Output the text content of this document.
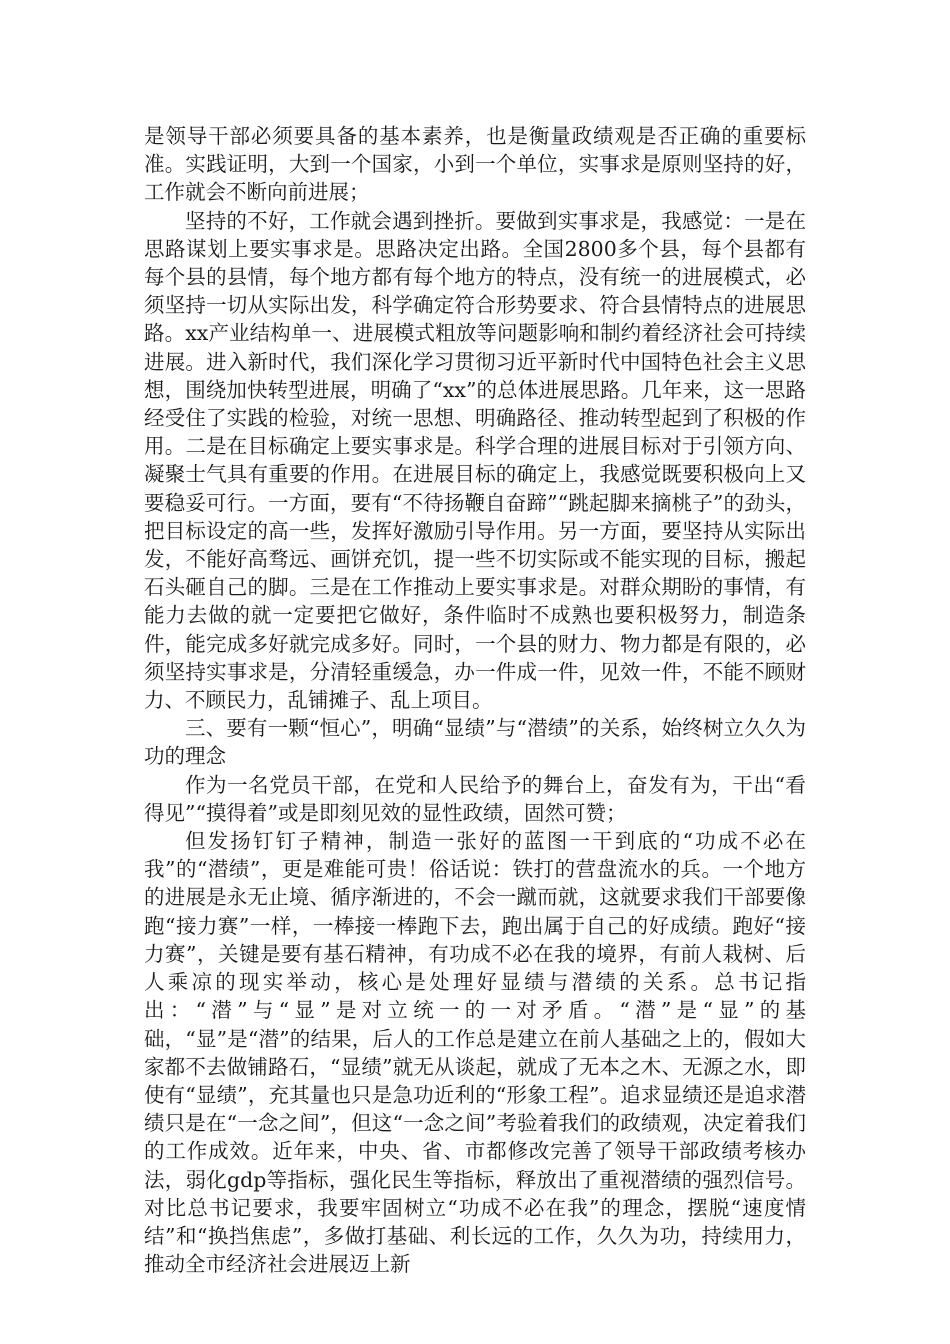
是领导干部必须要具备的基本素养，也是衡量政绩观是否正确的重要标准。实践证明，大到一个国家，小到一个单位，实事求是原则坚持的好，工作就会不断向前进展；

坚持的不好，工作就会遇到挫折。要做到实事求是，我感觉：一是在思路谋划上要实事求是。思路决定出路。全国2800多个县，每个县都有每个县的县情，每个地方都有每个地方的特点，没有统一的进展模式，必须坚持一切从实际出发，科学确定符合形势要求、符合县情特点的进展思路。xx产业结构单一、进展模式粗放等问题影响和制约着经济社会可持续进展。进入新时代，我们深化学习贯彻习近平新时代中国特色社会主义思想，围绕加快转型进展，明确了“xx”的总体进展思路。几年来，这一思路经受住了实践的检验，对统一思想、明确路径、推动转型起到了积极的作用。二是在目标确定上要实事求是。科学合理的进展目标对于引领方向、凝聚士气具有重要的作用。在进展目标的确定上，我感觉既要积极向上又要稳妥可行。一方面，要有“不待扬鞭自奋蹄”“跳起脚来摘桃子”的劲头，把目标设定的高一些，发挥好激励引导作用。另一方面，要坚持从实际出发，不能好高骛远、画饼充饥，提一些不切实际或不能实现的目标，搬起石头砸自己的脚。三是在工作推动上要实事求是。对群众期盼的事情，有能力去做的就一定要把它做好，条件临时不成熟也要积极努力，制造条件，能完成多好就完成多好。同时，一个县的财力、物力都是有限的，必须坚持实事求是，分清轻重缓急，办一件成一件，见效一件，不能不顾财力、不顾民力，乱铺摊子、乱上项目。

三、要有一颗“恒心”，明确“显绩”与“潜绩”的关系，始终树立久久为功的理念

作为一名党员干部，在党和人民给予的舞台上，奋发有为，干出“看得见”“摸得着”或是即刻见效的显性政绩，固然可赞；

但发扬钉钉子精神，制造一张好的蓝图一干到底的“功成不必在我”的“潜绩”，更是难能可贵！俗话说：铁打的营盘流水的兵。一个地方的进展是永无止境、循序渐进的，不会一蹴而就，这就要求我们干部要像跑“接力赛”一样，一棒接一棒跑下去，跑出属于自己的好成绩。跑好“接力赛”，关键是要有基石精神，有功成不必在我的境界，有前人栽树、后人乘凉的现实举动，核心是处理好显绩与潜绩的关系。总书记指出：“潜”与“显”是对立统一的一对矛盾。“潜”是“显”的基础，“显”是“潜”的结果，后人的工作总是建立在前人基础之上的，假如大家都不去做铺路石，“显绩”就无从谈起，就成了无本之木、无源之水，即使有“显绩”，充其量也只是急功近利的“形象工程”。追求显绩还是追求潜绩只是在“一念之间”，但这“一念之间”考验着我们的政绩观，决定着我们的工作成效。近年来，中央、省、市都修改完善了领导干部政绩考核办法，弱化gdp等指标，强化民生等指标，释放出了重视潜绩的强烈信号。对比总书记要求，我要牢固树立“功成不必在我”的理念，摆脱“速度情结”和“换挡焦虑”，多做打基础、利长远的工作，久久为功，持续用力，推动全市经济社会进展迈上新
